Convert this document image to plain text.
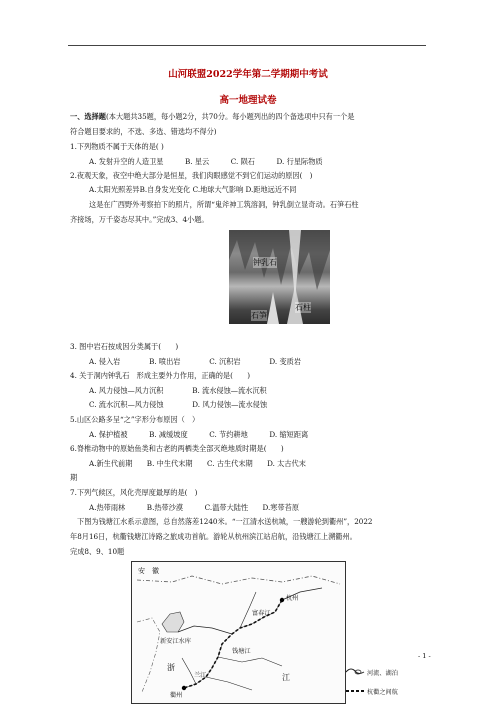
山河联盟2022学年第二学期期中考试
高一地理试卷
一、选择题(本大题共35题，每小题2分，共70分。每小题列出的四个备选项中只有一个是
符合题目要求的，不选、多选、错选均不得分)
1.下列物质不属于天体的是( )
A. 发射升空的人造卫星　　　B. 星云　　　C. 陨石　　　D. 行星际物质
2.夜观天象，夜空中绝大部分是恒星，我们肉眼感觉不到它们运动的原因(　)
A.太阳光照差异B.自身发光变化 C.地球大气影响 D.距地远近不同
这是在广西野外考察拍下的照片，所谓“鬼斧神工筑溶洞，钟乳倒立显奇动。石笋石柱
齐接场，万千姿态尽其中。”完成3、4小题。
钟乳石
石笋
石柱
3. 图中岩石按成因分类属于(　　)
A. 侵入岩　　　　B. 喷出岩　　　　C. 沉积岩　　　　D. 变质岩
4. 关于洞内钟乳石　形成主要外力作用，正确的是(　　)
A. 风力侵蚀—风力沉积　　　　B. 流水侵蚀—流水沉积
C. 流水沉积—风力侵蚀　　　　D. 风力侵蚀—流水侵蚀
5.山区公路多呈“之”字形分布原因（　）
A. 保护植被　　　B. 减缓坡度　　　C. 节约耕地　　　D. 缩短距离
6.脊椎动物中的原始鱼类和古老的两栖类全部灭绝地质时期是(　　)
A.新生代前期　　B. 中生代末期　　C. 古生代末期　　D. 太古代末
期
7.下列气候区，风化壳厚度最厚的是(　)
A.热带雨林　　　B.热带沙漠　　　C.温带大陆性　　D.寒带苔原
下图为钱塘江水系示意图，总自然落差1240米。“一江清水送杭城，一艘游轮到衢州”，2022
年8月16日，杭衢钱塘江诗路之旅成功首航。游轮从杭州滨江站启航，沿钱塘江上溯衢州。
完成8、9、10题
安　徽
杭州
浙
江
衢州
新安江水库
富春江
钱塘江
兰江
- 1 -
河流、湖泊
杭衢之间航
